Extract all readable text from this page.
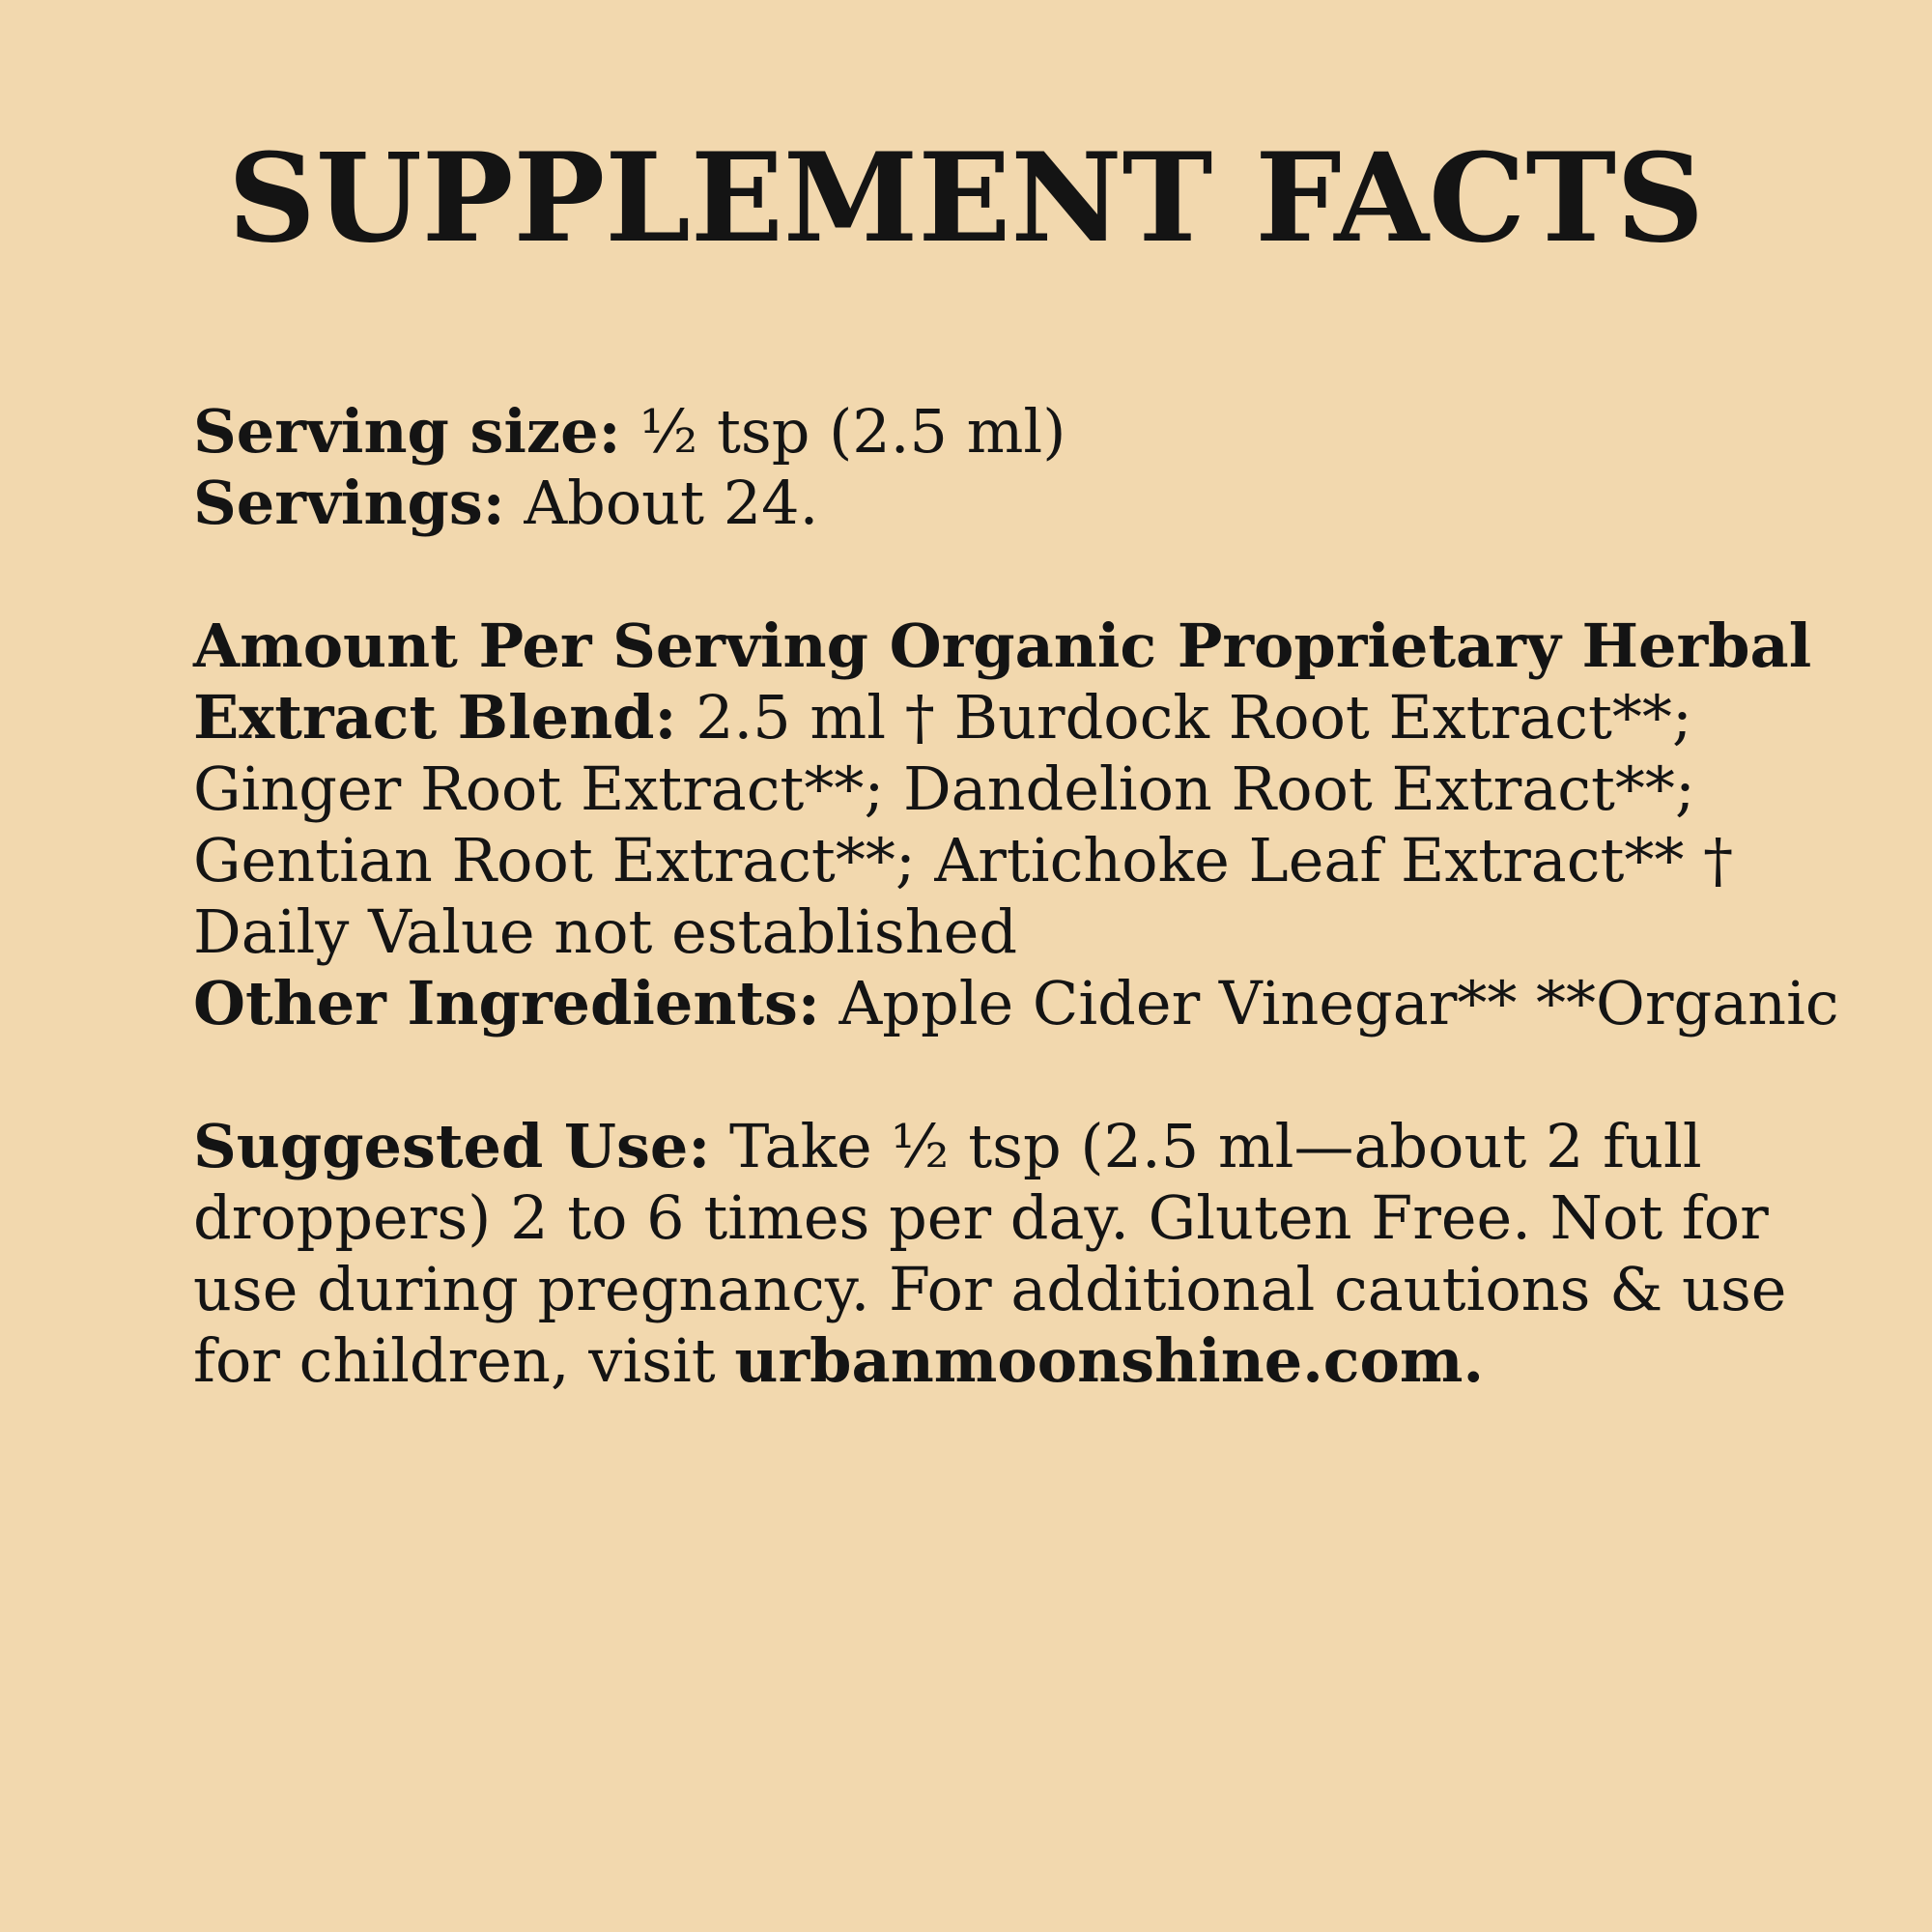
SUPPLEMENT FACTS
Serving size: ½ tsp (2.5 ml)
Servings: About 24.
Amount Per Serving Organic Proprietary Herbal
Extract Blend: 2.5 ml † Burdock Root Extract**;
Ginger Root Extract**; Dandelion Root Extract**;
Gentian Root Extract**; Artichoke Leaf Extract** †
Daily Value not established
Other Ingredients: Apple Cider Vinegar** **Organic
Suggested Use: Take ½ tsp (2.5 ml—about 2 full
droppers) 2 to 6 times per day. Gluten Free. Not for
use during pregnancy. For additional cautions & use
for children, visit urbanmoonshine.com.
